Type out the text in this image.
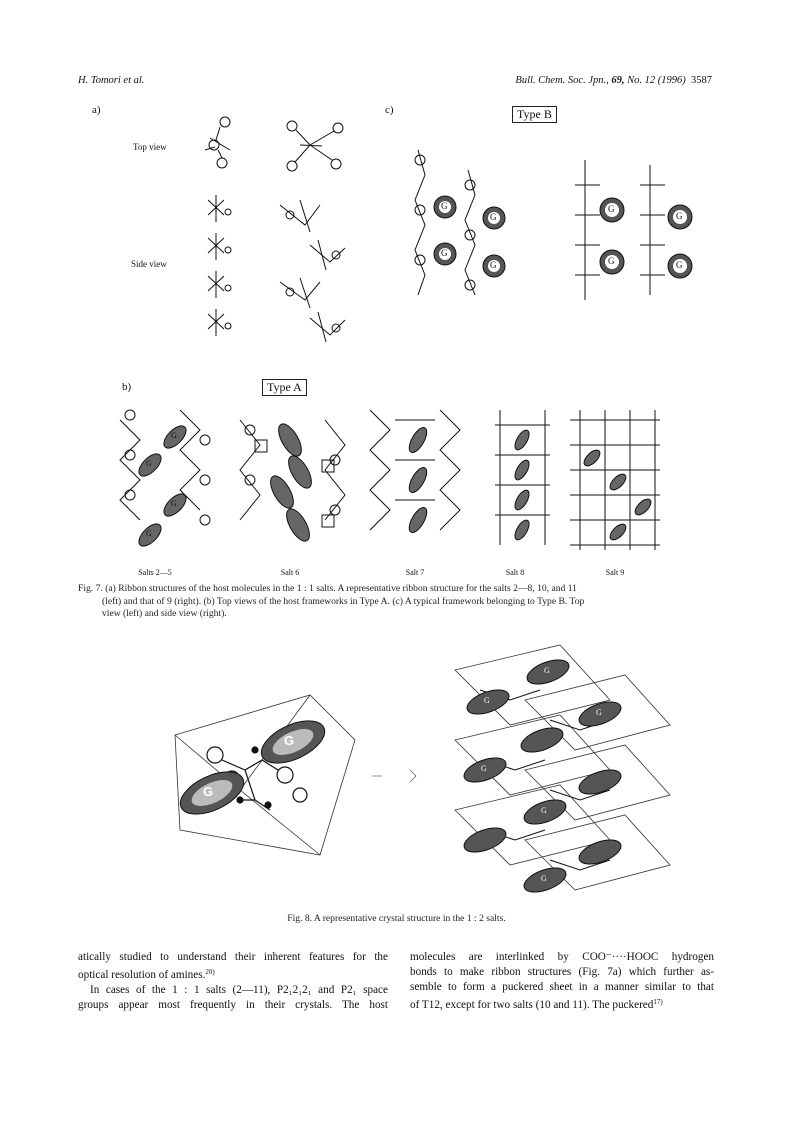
H. Tomori et al.	Bull. Chem. Soc. Jpn., 69, No. 12 (1996) 3587
a)	c)	Type B
Top view
Side view
G
G
G
G
G
G
G	G
b)	Type A
G
G
G
G
Salts 2—5	Salt 6	Salt 7	Salt 8	Salt 9
Fig. 7. (a) Ribbon structures of the host molecules in the 1 : 1 salts. A representative ribbon structure for the salts 2—8, 10, and 11
(left) and that of 9 (right). (b) Top views of the host frameworks in Type A. (c) A typical framework belonging to Type B. Top
view (left) and side view (right).
G
G
G
G
G
G
G
G
Fig. 8. A representative crystal structure in the 1 : 2 salts.
atically studied to understand their inherent features for the
optical resolution of amines.$^{20)}$
In cases of the 1 : 1 salts (2—11), P2₁2₁2₁ and P2₁ space
groups appear most frequently in their crystals. The host
molecules are interlinked by COO⁻····HOOC hydrogen
bonds to make ribbon structures (Fig. 7a) which further as-
semble to form a puckered sheet in a manner similar to that
of T12, except for two salts (10 and 11). The puckered$^{17)}$
